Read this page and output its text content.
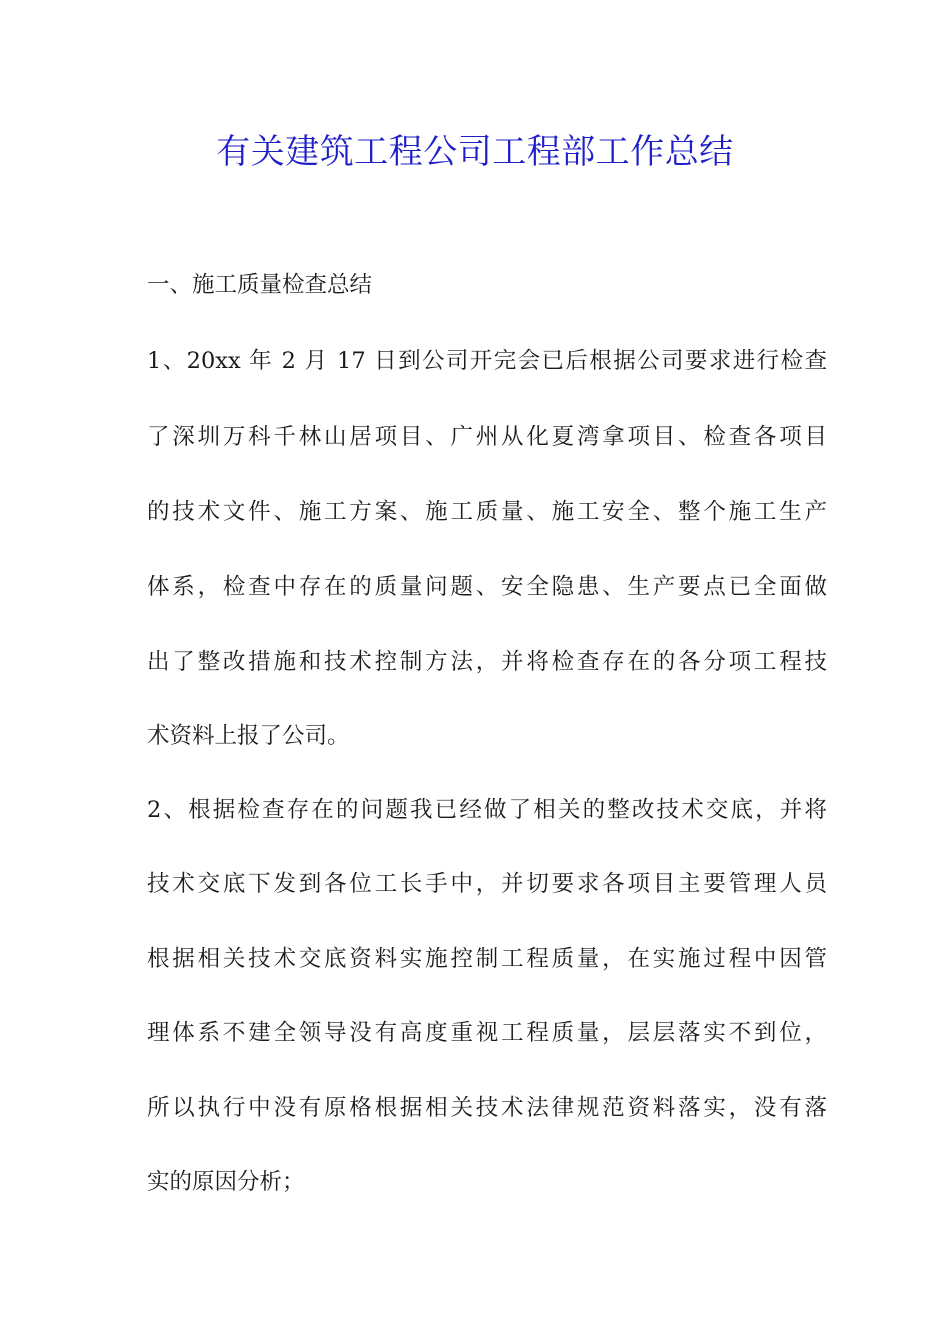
有关建筑工程公司工程部工作总结

一、施工质量检查总结

1、20xx 年 2 月 17 日到公司开完会已后根据公司要求进行检查

了深圳万科千林山居项目、广州从化夏湾拿项目、检查各项目

的技术文件、施工方案、施工质量、施工安全、整个施工生产

体系，检查中存在的质量问题、安全隐患、生产要点已全面做

出了整改措施和技术控制方法，并将检查存在的各分项工程技

术资料上报了公司。

2、根据检查存在的问题我已经做了相关的整改技术交底，并将

技术交底下发到各位工长手中，并切要求各项目主要管理人员

根据相关技术交底资料实施控制工程质量，在实施过程中因管

理体系不建全领导没有高度重视工程质量，层层落实不到位，

所以执行中没有原格根据相关技术法律规范资料落实，没有落

实的原因分析；
